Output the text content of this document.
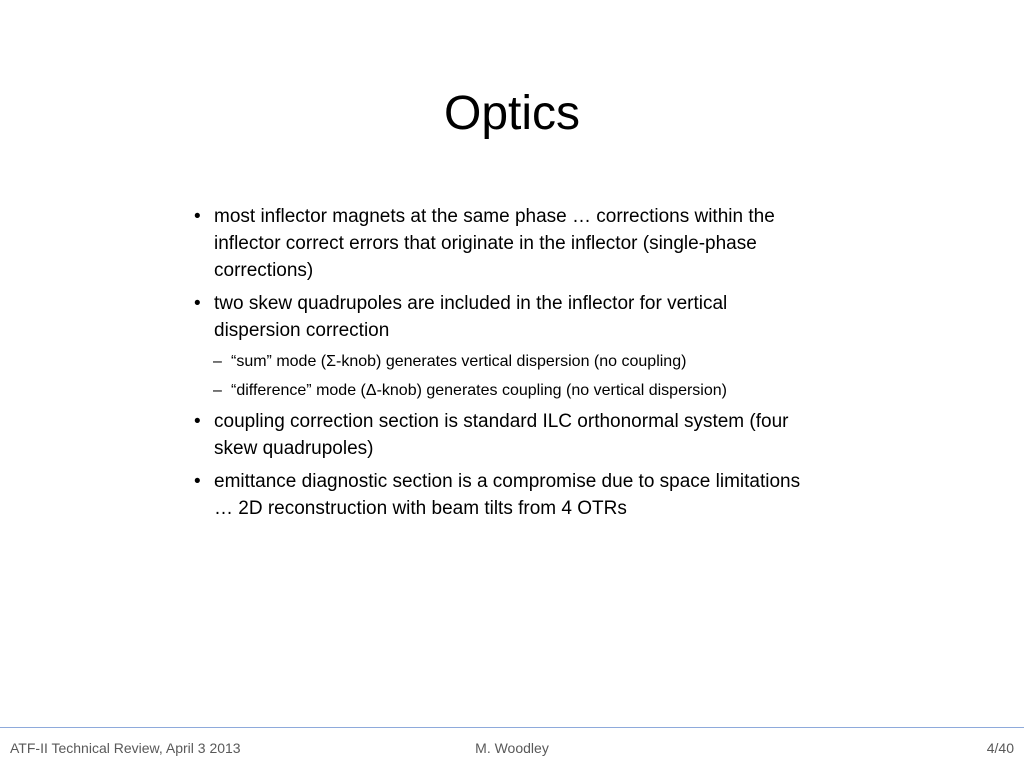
Optics
• most inflector magnets at the same phase … corrections within the inflector correct errors that originate in the inflector (single-phase corrections)
• two skew quadrupoles are included in the inflector for vertical dispersion correction
– “sum” mode (Σ-knob) generates vertical dispersion (no coupling)
– “difference” mode (Δ-knob) generates coupling (no vertical dispersion)
• coupling correction section is standard ILC orthonormal system (four skew quadrupoles)
• emittance diagnostic section is a compromise due to space limitations … 2D reconstruction with beam tilts from 4 OTRs
ATF-II Technical Review, April 3 2013	M. Woodley	4/40
